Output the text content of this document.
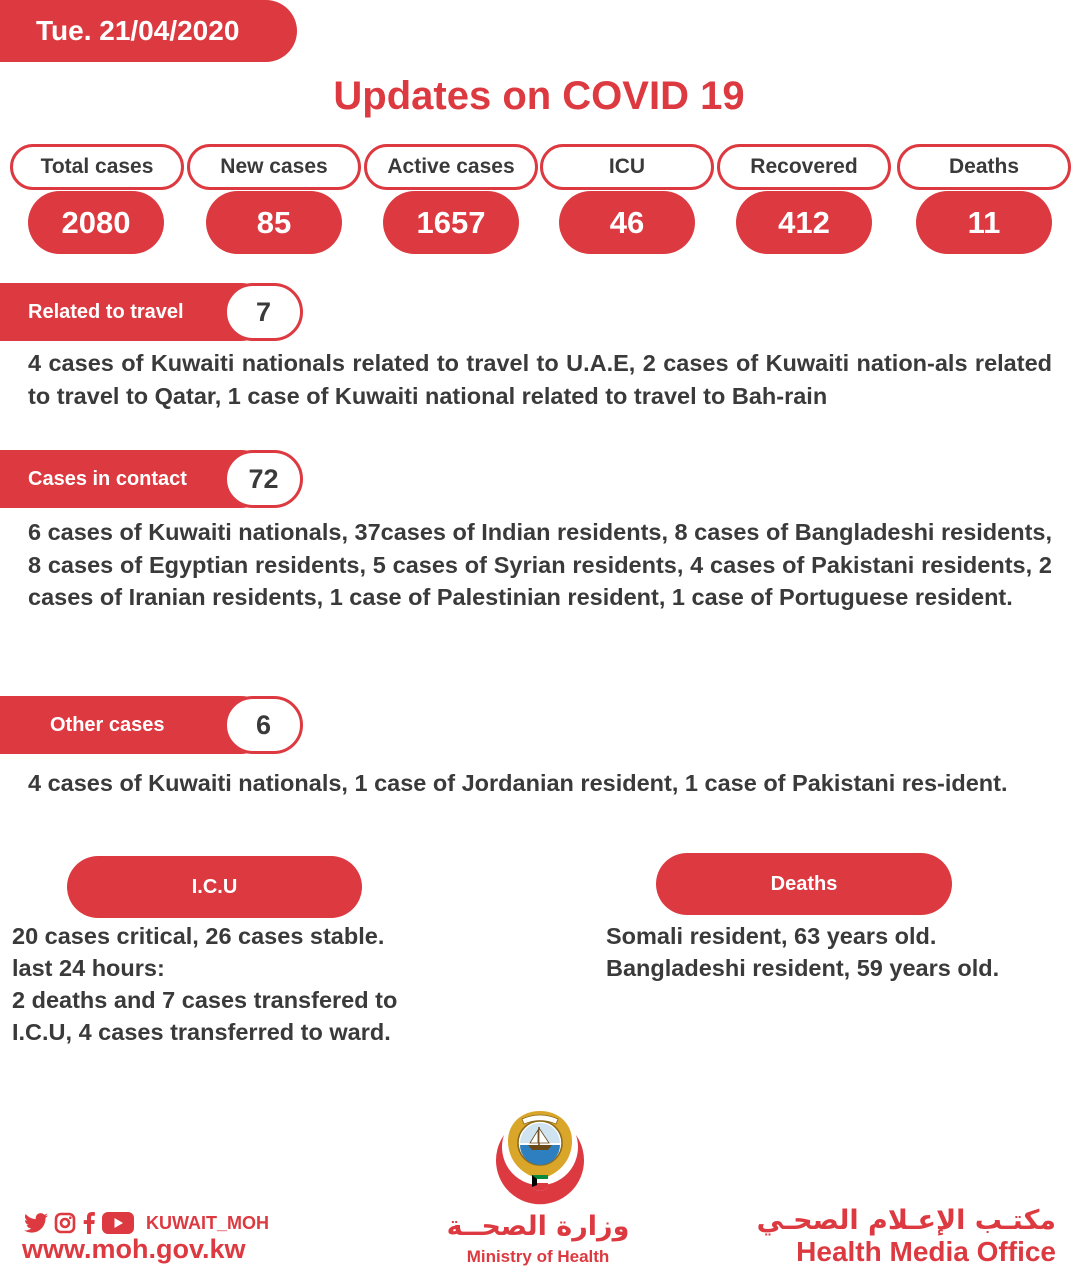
Tue. 21/04/2020
Updates on COVID 19
Total cases
2080
New cases
85
Active cases
1657
ICU
46
Recovered
412
Deaths
11
Related to travel	7
4 cases of Kuwaiti nationals related to travel to U.A.E, 2 cases of Kuwaiti nation-als related to travel to Qatar, 1 case of Kuwaiti national related to travel to Bah-rain
Cases in contact	72
6 cases of Kuwaiti nationals, 37cases of Indian residents, 8 cases of Bangladeshi residents, 8 cases of Egyptian residents, 5 cases of Syrian residents, 4 cases of Pakistani residents, 2 cases of Iranian residents, 1 case of Palestinian resident, 1 case of Portuguese resident.
Other cases	6
4 cases of Kuwaiti nationals, 1 case of Jordanian resident, 1 case of Pakistani res-ident.
I.C.U
20 cases critical, 26 cases stable.
last 24 hours:
2 deaths and 7 cases transfered to
I.C.U, 4 cases transferred to ward.
Deaths
Somali resident, 63 years old.
Bangladeshi resident, 59 years old.
KUWAIT_MOH
www.moh.gov.kw
وزارة الصحــة
Ministry of Health
مكتـب الإعـلام الصحـي
Health Media Office
